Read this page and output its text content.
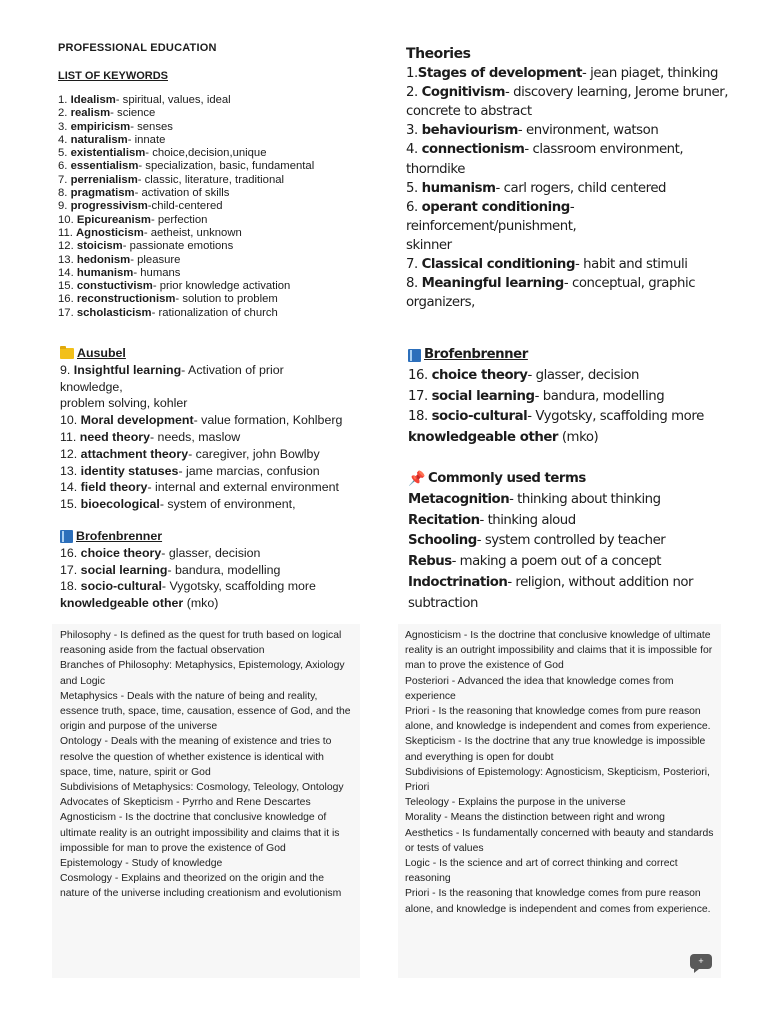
PROFESSIONAL EDUCATION
LIST OF KEYWORDS
1. Idealism- spiritual, values, ideal
2. realism- science
3. empiricism- senses
4. naturalism- innate
5. existentialism- choice,decision,unique
6. essentialism- specialization, basic, fundamental
7. perrenialism- classic, literature, traditional
8. pragmatism- activation of skills
9. progressivism-child-centered
10. Epicureanism- perfection
11. Agnosticism- aetheist, unknown
12. stoicism- passionate emotions
13. hedonism- pleasure
14. humanism- humans
15. constuctivism- prior knowledge activation
16. reconstructionism- solution to problem
17. scholasticism- rationalization of church
Theories
1.Stages of development- jean piaget, thinking
2. Cognitivism- discovery learning, Jerome bruner,
concrete to abstract
3. behaviourism- environment, watson
4. connectionism- classroom environment,
thorndike
5. humanism- carl rogers, child centered
6. operant conditioning-
reinforcement/punishment,
skinner
7. Classical conditioning- habit and stimuli
8. Meaningful learning- conceptual, graphic
organizers,
Ausubel
9. Insightful learning- Activation of prior
knowledge,
problem solving, kohler
10. Moral development- value formation, Kohlberg
11. need theory- needs, maslow
12. attachment theory- caregiver, john Bowlby
13. identity statuses- jame marcias, confusion
14. field theory- internal and external environment
15. bioecological- system of environment,
Brofenbrenner
16. choice theory- glasser, decision
17. social learning- bandura, modelling
18. socio-cultural- Vygotsky, scaffolding more
knowledgeable other (mko)
Brofenbrenner
16. choice theory- glasser, decision
17. social learning- bandura, modelling
18. socio-cultural- Vygotsky, scaffolding more
knowledgeable other (mko)
📌 Commonly used terms
Metacognition- thinking about thinking
Recitation- thinking aloud
Schooling- system controlled by teacher
Rebus- making a poem out of a concept
Indoctrination- religion, without addition nor
subtraction

Philosophy - Is defined as the quest for truth based on logical reasoning aside from the factual observation

Branches of Philosophy: Metaphysics, Epistemology, Axiology and Logic

Metaphysics - Deals with the nature of being and reality, essence truth, space, time, causation, essence of God, and the origin and purpose of the universe

Ontology - Deals with the meaning of existence and tries to resolve the question of whether existence is identical with space, time, nature, spirit or God

Subdivisions of Metaphysics: Cosmology, Teleology, Ontology

Advocates of Skepticism - Pyrrho and Rene Descartes

Agnosticism - Is the doctrine that conclusive knowledge of ultimate reality is an outright impossibility and claims that it is impossible for man to prove the existence of God

Epistemology - Study of knowledge

Cosmology - Explains and theorized on the origin and the nature of the universe including creationism and evolutionism

Agnosticism - Is the doctrine that conclusive knowledge of ultimate reality is an outright impossibility and claims that it is impossible for man to prove the existence of God

Posteriori - Advanced the idea that knowledge comes from experience

Priori - Is the reasoning that knowledge comes from pure reason alone, and knowledge is independent and comes from experience.

Skepticism - Is the doctrine that any true knowledge is impossible and everything is open for doubt

Subdivisions of Epistemology: Agnosticism, Skepticism, Posteriori, Priori

Teleology - Explains the purpose in the universe

Morality - Means the distinction between right and wrong

Aesthetics - Is fundamentally concerned with beauty and standards or tests of values

Logic - Is the science and art of correct thinking and correct reasoning

Priori - Is the reasoning that knowledge comes from pure reason alone, and knowledge is independent and comes from experience.

+
